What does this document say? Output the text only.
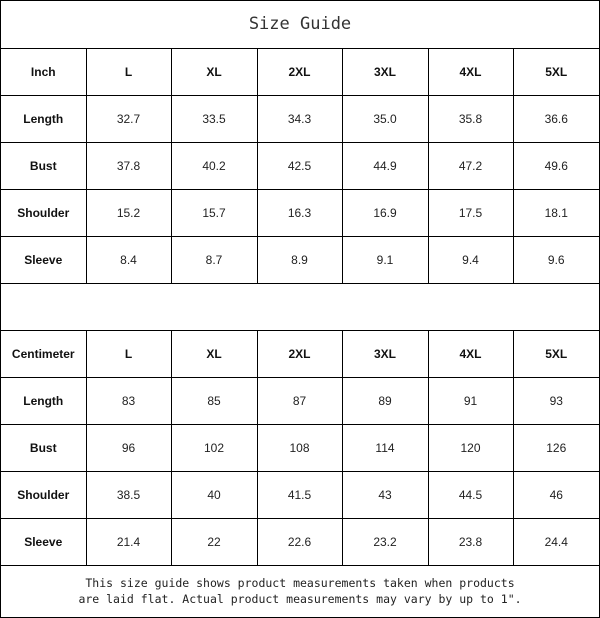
Size Guide
Inch	L	XL	2XL	3XL	4XL	5XL
Length	32.7	33.5	34.3	35.0	35.8	36.6
Bust	37.8	40.2	42.5	44.9	47.2	49.6
Shoulder	15.2	15.7	16.3	16.9	17.5	18.1
Sleeve	8.4	8.7	8.9	9.1	9.4	9.6
Centimeter	L	XL	2XL	3XL	4XL	5XL
Length	83	85	87	89	91	93
Bust	96	102	108	114	120	126
Shoulder	38.5	40	41.5	43	44.5	46
Sleeve	21.4	22	22.6	23.2	23.8	24.4
This size guide shows product measurements taken when products
are laid flat. Actual product measurements may vary by up to 1".
